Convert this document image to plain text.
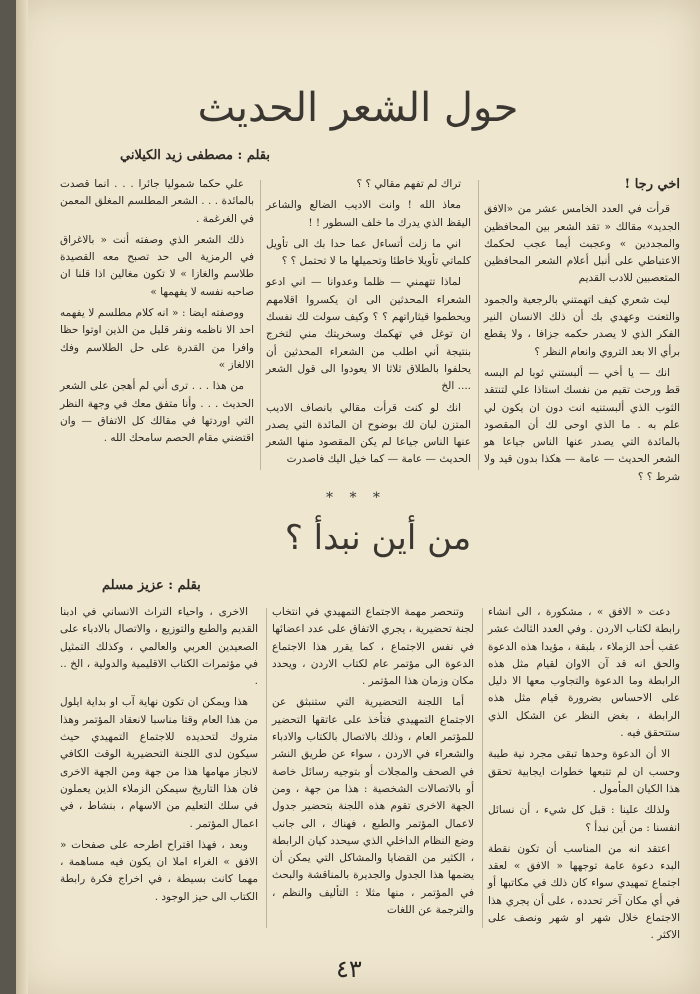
حول الشعر الحديث
بقلم : مصطفى زيد الكيلاني

اخي رجا !

قرأت في العدد الخامس عشر من «الافق الجديد» مقالك « تقد الشعر بين المحافظين والمجددين » وعجبت أيما عجب لحكمك الاعتباطي على أنبل أعلام الشعر المحافظين المتعصبين للادب القديم

ليت شعري كيف اتهمتني بالرجعية والجمود والتعنت وعهدي بك أن ذلك الانسان النير الفكر الذي لا يصدر حكمه جزافا ، ولا يقطع برأي الا بعد التروي وانعام النظر ؟

انك — يا أخي — ألبستني ثوبا لم البسه قط ورحت تقيم من نفسك استاذا علي لتنتقد الثوب الذي ألبستنيه انت دون ان يكون لي علم به . ما الذي اوحى لك أن المقصود بالمائدة التي يصدر عنها الناس جياعا هو الشعر الحديث — عامة — هكذا بدون قيد ولا شرط ؟ ؟

تراك لم تفهم مقالي ؟ ؟

معاذ الله ! وانت الاديب الضالع والشاعر اليقظ الذي يدرك ما خلف السطور ! !

اني ما زلت أتساءل عما حدا بك الى تأويل كلماتي تأويلا خاطئا وتحميلها ما لا تحتمل ؟ ؟

لماذا تتهمني — ظلما وعدوانا — اني ادعو الشعراء المحدثين الى ان يكسروا اقلامهم ويحطموا قيثاراتهم ؟ ؟ وكيف سولت لك نفسك ان توغل في تهكمك وسخريتك مني لتخرج بنتيجة أني اطلب من الشعراء المحدثين أن يحلفوا بالطلاق ثلاثا الا يعودوا الى قول الشعر .... الخ

انك لو كنت قرأت مقالي بانصاف الاديب المتزن لبان لك بوضوح ان المائدة التي يصدر عنها الناس جياعا لم يكن المقصود منها الشعر الحديث — عامة — كما خيل اليك فاصدرت

علي حكما شموليا جائرا . . . انما قصدت بالمائدة . . . الشعر المطلسم المغلق المعمن في الغرغمة .

ذلك الشعر الذي وصفته أنت « بالاغراق في الرمزية الى حد تصبح معه القصيدة طلاسم والغازا » لا تكون مغالين اذا قلنا ان صاحبه نفسه لا يفهمها »

ووصفته ايضا : « انه كلام مطلسم لا يفهمه احد الا ناظمه ونفر قليل من الذين اوتوا حظا وافرا من القدرة على حل الطلاسم وفك الالغاز »

من هذا . . . ترى أني لم أهجن على الشعر الحديث . . . وأنا متفق معك في وجهة النظر التي اوردتها في مقالك كل الاتفاق — وان اقتضني مقام الحصم سامحك الله .

* * *
من أين نبدأ ؟
بقلم : عزيز مسلم

دعت « الافق » ، مشكورة ، الى انشاء رابطة لكتاب الاردن . وفي العدد الثالث عشر عقب أحد الزملاء ، بلبقة ، مؤيدا هذه الدعوة والحق انه قد آن الاوان لقيام مثل هذه الرابطة وما الدعوة والتجاوب معها الا دليل على الاحساس بضرورة قيام مثل هذه الرابطة ، بغض النظر عن الشكل الذي ستتحقق فيه .

الا أن الدعوة وحدها تبقى مجرد نية طيبة وحسب ان لم تتبعها خطوات ايجابية تحقق هذا الكيان المأمول .

ولذلك علينا : قبل كل شيء ، أن نسائل انفسنا : من أين نبدأ ؟

اعتقد انه من المناسب أن تكون نقطة البدء دعوة عامة توجهها « الافق » لعقد اجتماع تمهيدي سواء كان ذلك في مكاتبها أو في أي مكان آخر تحدده ، على أن يجري هذا الاجتماع خلال شهر او شهر ونصف على الاكثر .

وتنحصر مهمة الاجتماع التمهيدي في انتخاب لجنة تحضيرية ، يجري الاتفاق على عدد اعضائها في نفس الاجتماع ، كما يقرر هذا الاجتماع الدعوة الى مؤتمر عام لكتاب الاردن ، ويحدد مكان وزمان هذا المؤتمر .

أما اللجنة التحضيرية التي ستنبثق عن الاجتماع التمهيدي فتأخذ على عاتقها التحضير للمؤتمر العام ، وذلك بالاتصال بالكتاب والادباء والشعراء في الاردن ، سواء عن طريق النشر في الصحف والمجلات أو بتوجيه رسائل خاصة أو بالاتصالات الشخصية : هذا من جهة ، ومن الجهة الاخرى تقوم هذه اللجنة بتحضير جدول لاعمال المؤتمر والطبع ، فهناك ، الى جانب وضع النظام الداخلي الذي سيحدد كيان الرابطة ، الكثير من القضايا والمشاكل التي يمكن أن يضمها هذا الجدول والجديرة بالمناقشة والبحث في المؤتمر ، منها مثلا : التأليف والنظم ، والترجمة عن اللغات

الاخرى ، واحياء التراث الانساني في ادبنا القديم والطبع والتوزيع ، والاتصال بالادباء على الصعيدين العربي والعالمي ، وكذلك التمثيل في مؤتمرات الكتاب الاقليمية والدولية ، الخ .. .

هذا ويمكن ان تكون نهاية آب او بداية ايلول من هذا العام وقتا مناسبا لانعقاد المؤتمر وهذا متروك لتحديده للاجتماع التمهيدي حيث سيكون لدى اللجنة التحضيرية الوقت الكافي لانجاز مهامها هذا من جهة ومن الجهة الاخرى فان هذا التاريخ سيمكن الزملاء الذين يعملون في سلك التعليم من الاسهام ، بنشاط ، في اعمال المؤتمر .

وبعد ، فهذا اقتراح اطرحه على صفحات « الافق » الغراء املا ان يكون فيه مساهمة ، مهما كانت بسيطة ، في اخراج فكرة رابطة الكتاب الى حيز الوجود .

٤٣
